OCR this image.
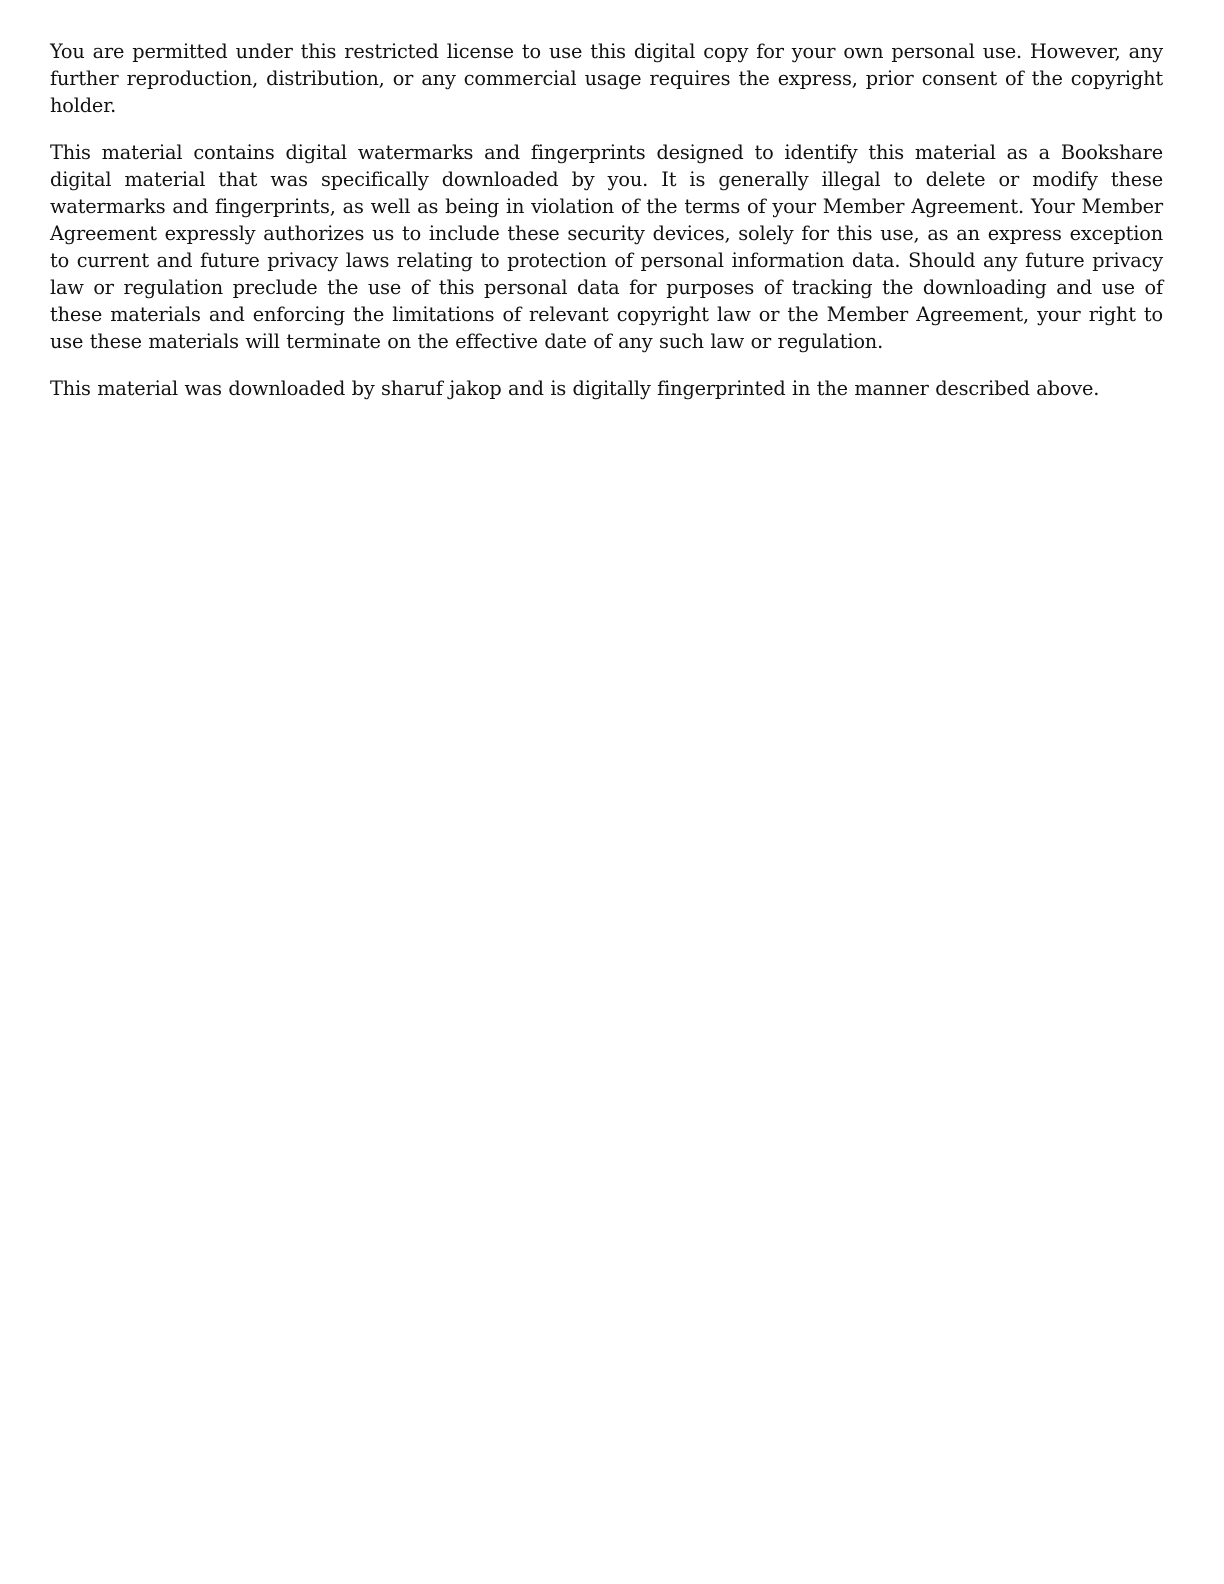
You are permitted under this restricted license to use this digital copy for your own personal use. However, any further reproduction, distribution, or any commercial usage requires the express, prior consent of the copyright holder.

This material contains digital watermarks and fingerprints designed to identify this material as a Bookshare digital material that was specifically downloaded by you. It is generally illegal to delete or modify these watermarks and fingerprints, as well as being in violation of the terms of your Member Agreement. Your Member Agreement expressly authorizes us to include these security devices, solely for this use, as an express exception to current and future privacy laws relating to protection of personal information data. Should any future privacy law or regulation preclude the use of this personal data for purposes of tracking the downloading and use of these materials and enforcing the limitations of relevant copyright law or the Member Agreement, your right to use these materials will terminate on the effective date of any such law or regulation.

This material was downloaded by sharuf jakop and is digitally fingerprinted in the manner described above.
